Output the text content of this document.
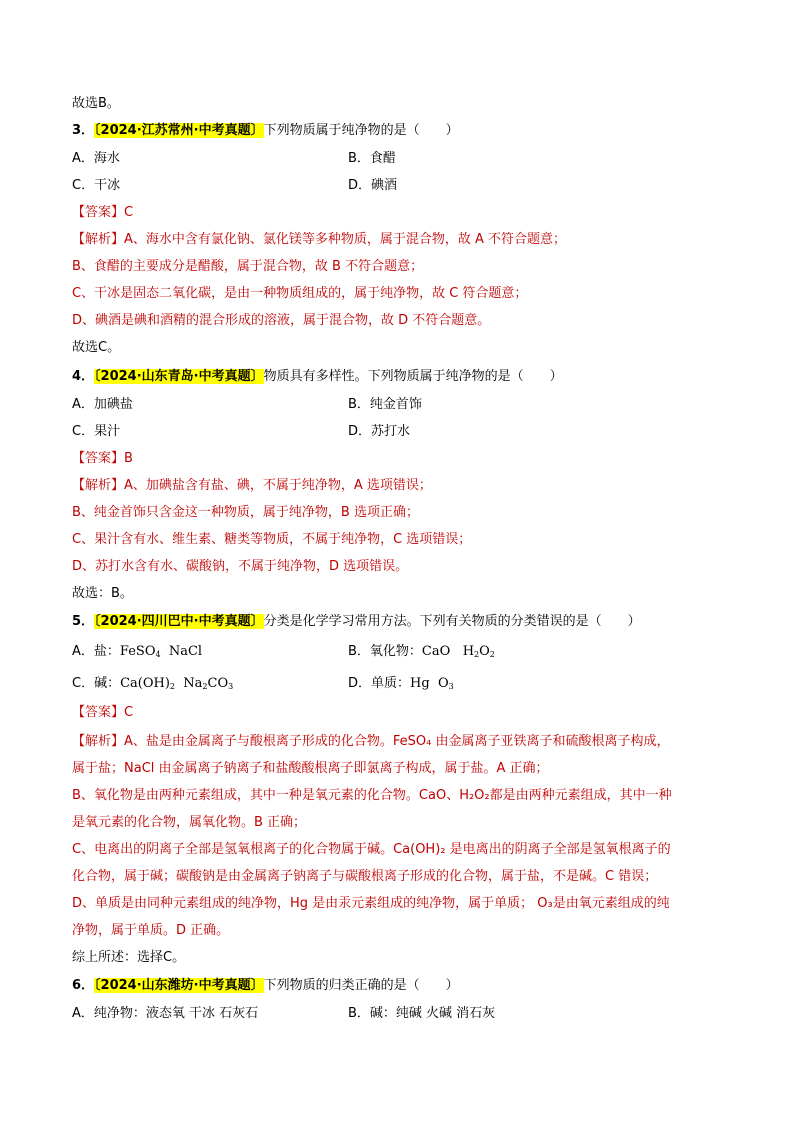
故选B。
3．〔2024·江苏常州·中考真题〕下列物质属于纯净物的是（　　）
A．海水	B．食醋
C．干冰	D．碘酒
【答案】C
【解析】A、海水中含有氯化钠、氯化镁等多种物质，属于混合物，故 A 不符合题意；
B、食醋的主要成分是醋酸，属于混合物，故 B 不符合题意；
C、干冰是固态二氧化碳，是由一种物质组成的，属于纯净物，故 C 符合题意；
D、碘酒是碘和酒精的混合形成的溶液，属于混合物，故 D 不符合题意。
故选C。
4．〔2024·山东青岛·中考真题〕物质具有多样性。下列物质属于纯净物的是（　　）
A．加碘盐	B．纯金首饰
C．果汁	D．苏打水
【答案】B
【解析】A、加碘盐含有盐、碘，不属于纯净物，A 选项错误；
B、纯金首饰只含金这一种物质，属于纯净物，B 选项正确；
C、果汁含有水、维生素、糖类等物质，不属于纯净物，C 选项错误；
D、苏打水含有水、碳酸钠，不属于纯净物，D 选项错误。
故选：B。
5．〔2024·四川巴中·中考真题〕分类是化学学习常用方法。下列有关物质的分类错误的是（　　）
A．盐：FeSO$_4$ NaCl	B．氧化物：CaO $H_2O_2$
C．碱：$Ca(OH)_2$ $Na_2CO_3$	D．单质：Hg $O_3$
【答案】C
【解析】A、盐是由金属离子与酸根离子形成的化合物。FeSO₄ 由金属离子亚铁离子和硫酸根离子构成，
属于盐；NaCl 由金属离子钠离子和盐酸酸根离子即氯离子构成，属于盐。A 正确；
B、氧化物是由两种元素组成，其中一种是氧元素的化合物。CaO、H₂O₂都是由两种元素组成，其中一种
是氧元素的化合物，属氧化物。B 正确；
C、电离出的阴离子全部是氢氧根离子的化合物属于碱。Ca(OH)₂ 是电离出的阴离子全部是氢氧根离子的
化合物，属于碱；碳酸钠是由金属离子钠离子与碳酸根离子形成的化合物，属于盐，不是碱。C 错误；
D、单质是由同种元素组成的纯净物，Hg 是由汞元素组成的纯净物，属于单质； O₃是由氧元素组成的纯
净物，属于单质。D 正确。
综上所述：选择C。
6．〔2024·山东潍坊·中考真题〕下列物质的归类正确的是（　　）
A．纯净物：液态氧 干冰 石灰石	B．碱：纯碱 火碱 消石灰
